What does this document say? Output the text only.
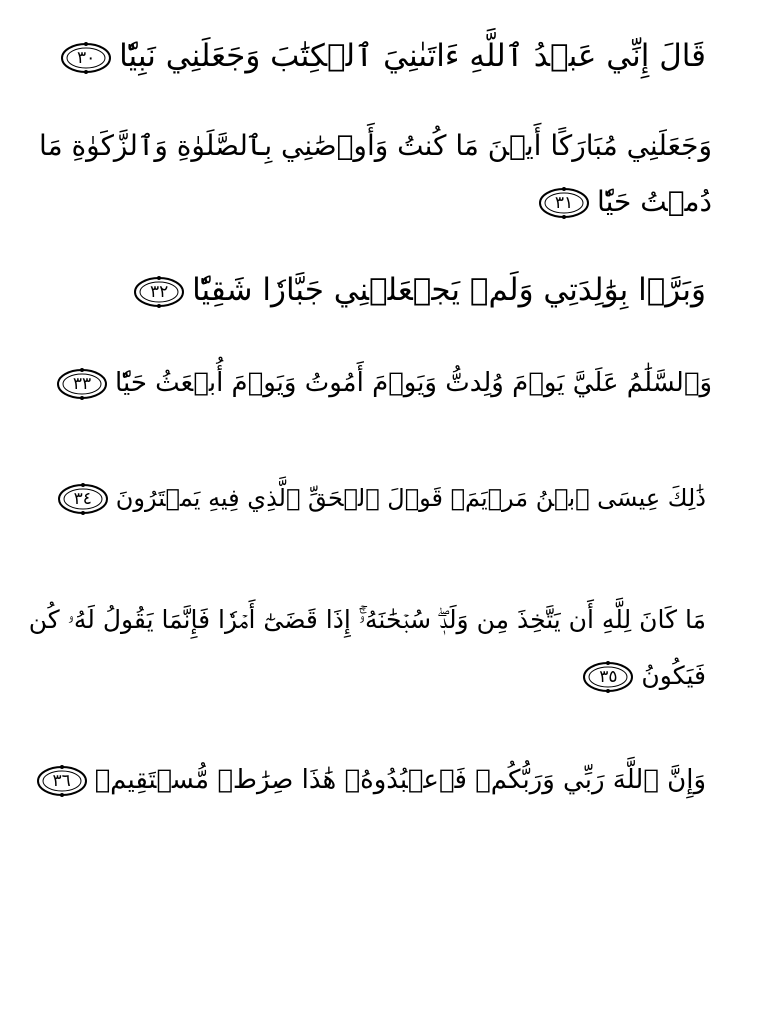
قَالَ إِنِّي عَبۡدُ ٱللَّهِ ءَاتَىٰنِيَ ٱلۡكِتَٰبَ وَجَعَلَنِي نَبِيّٗا
٣٠
وَجَعَلَنِي مُبَارَكًا أَيۡنَ مَا كُنتُ وَأَوۡصَٰنِي بِٱلصَّلَوٰةِ وَٱلزَّكَوٰةِ مَا
دُمۡتُ حَيّٗا
٣١
وَبَرَّۢا بِوَٰلِدَتِي وَلَمۡ يَجۡعَلۡنِي جَبَّارٗا شَقِيّٗا
٣٢
وَٱلسَّلَٰمُ عَلَيَّ يَوۡمَ وُلِدتُّ وَيَوۡمَ أَمُوتُ وَيَوۡمَ أُبۡعَثُ حَيّٗا
٣٣
ذَٰلِكَ عِيسَى ٱبۡنُ مَرۡيَمَۖ قَوۡلَ ٱلۡحَقِّ ٱلَّذِي فِيهِ يَمۡتَرُونَ
٣٤
مَا كَانَ لِلَّهِ أَن يَتَّخِذَ مِن وَلَدٖۖ سُبۡحَٰنَهُۥٓۚ إِذَا قَضَىٰٓ أَمۡرٗا فَإِنَّمَا يَقُولُ لَهُۥ كُن
فَيَكُونُ
٣٥
وَإِنَّ ٱللَّهَ رَبِّي وَرَبُّكُمۡ فَٱعۡبُدُوهُۚ هَٰذَا صِرَٰطٞ مُّسۡتَقِيمٞ
٣٦
